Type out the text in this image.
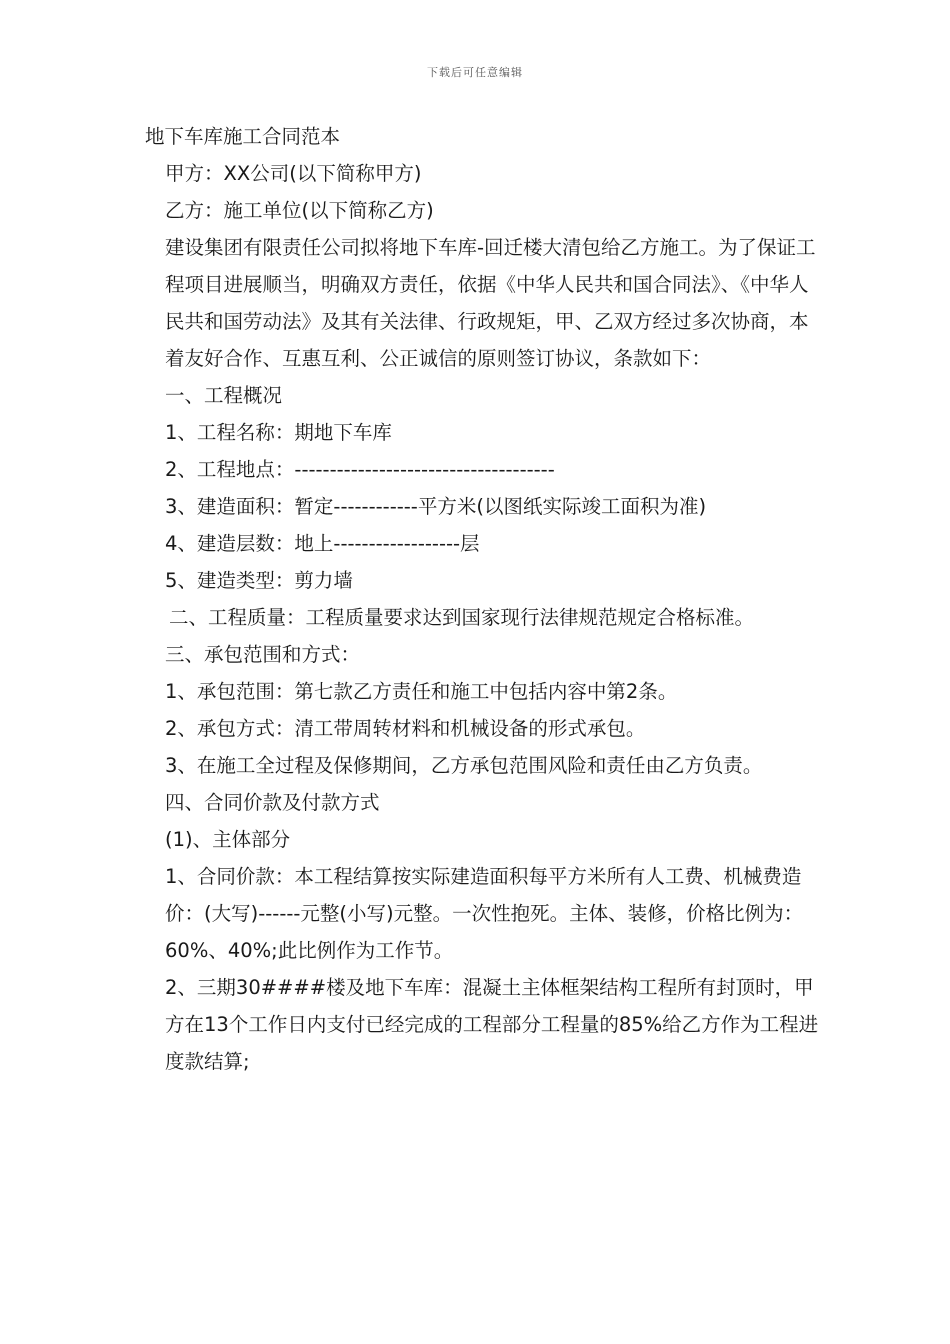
下载后可任意编辑

地下车库施工合同范本

甲方：XX公司(以下简称甲方)

乙方：施工单位(以下简称乙方)

建设集团有限责任公司拟将地下车库-回迁楼大清包给乙方施工。为了保证工程项目进展顺当，明确双方责任，依据《中华人民共和国合同法》、《中华人民共和国劳动法》及其有关法律、行政规矩，甲、乙双方经过多次协商，本着友好合作、互惠互利、公正诚信的原则签订协议，条款如下：

一、工程概况

1、工程名称：期地下车库

2、工程地点：-------------------------------------

3、建造面积：暂定------------平方米(以图纸实际竣工面积为准)

4、建造层数：地上------------------层

5、建造类型：剪力墙

二、工程质量：工程质量要求达到国家现行法律规范规定合格标准。

三、承包范围和方式：

1、承包范围：第七款乙方责任和施工中包括内容中第2条。

2、承包方式：清工带周转材料和机械设备的形式承包。

3、在施工全过程及保修期间，乙方承包范围风险和责任由乙方负责。

四、合同价款及付款方式

(1)、主体部分

1、合同价款：本工程结算按实际建造面积每平方米所有人工费、机械费造价：(大写)------元整(小写)元整。一次性抱死。主体、装修，价格比例为：60%、40%;此比例作为工作节。

2、三期30####楼及地下车库：混凝土主体框架结构工程所有封顶时，甲方在13个工作日内支付已经完成的工程部分工程量的85%给乙方作为工程进度款结算;
